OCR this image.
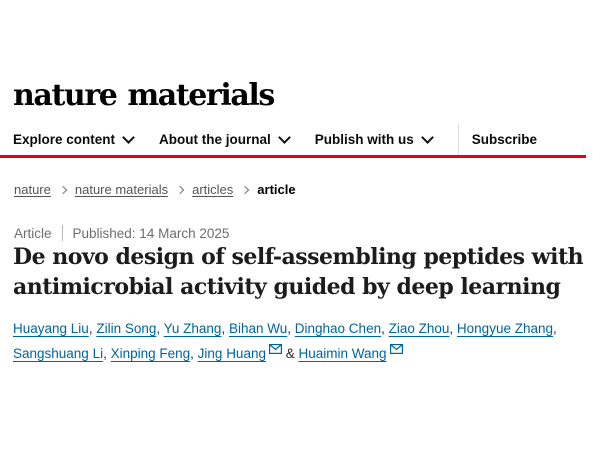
nature materials
Explore content	About the journal	Publish with us	Subscribe
nature nature materials articles article
Article Published: 14 March 2025
De novo design of self-assembling peptides with
antimicrobial activity guided by deep learning

Huayang Liu, Zilin Song, Yu Zhang, Bihan Wu, Dinghao Chen, Ziao Zhou, Hongyue Zhang, Sangshuang Li, Xinping Feng, Jing Huang & Huaimin Wang
